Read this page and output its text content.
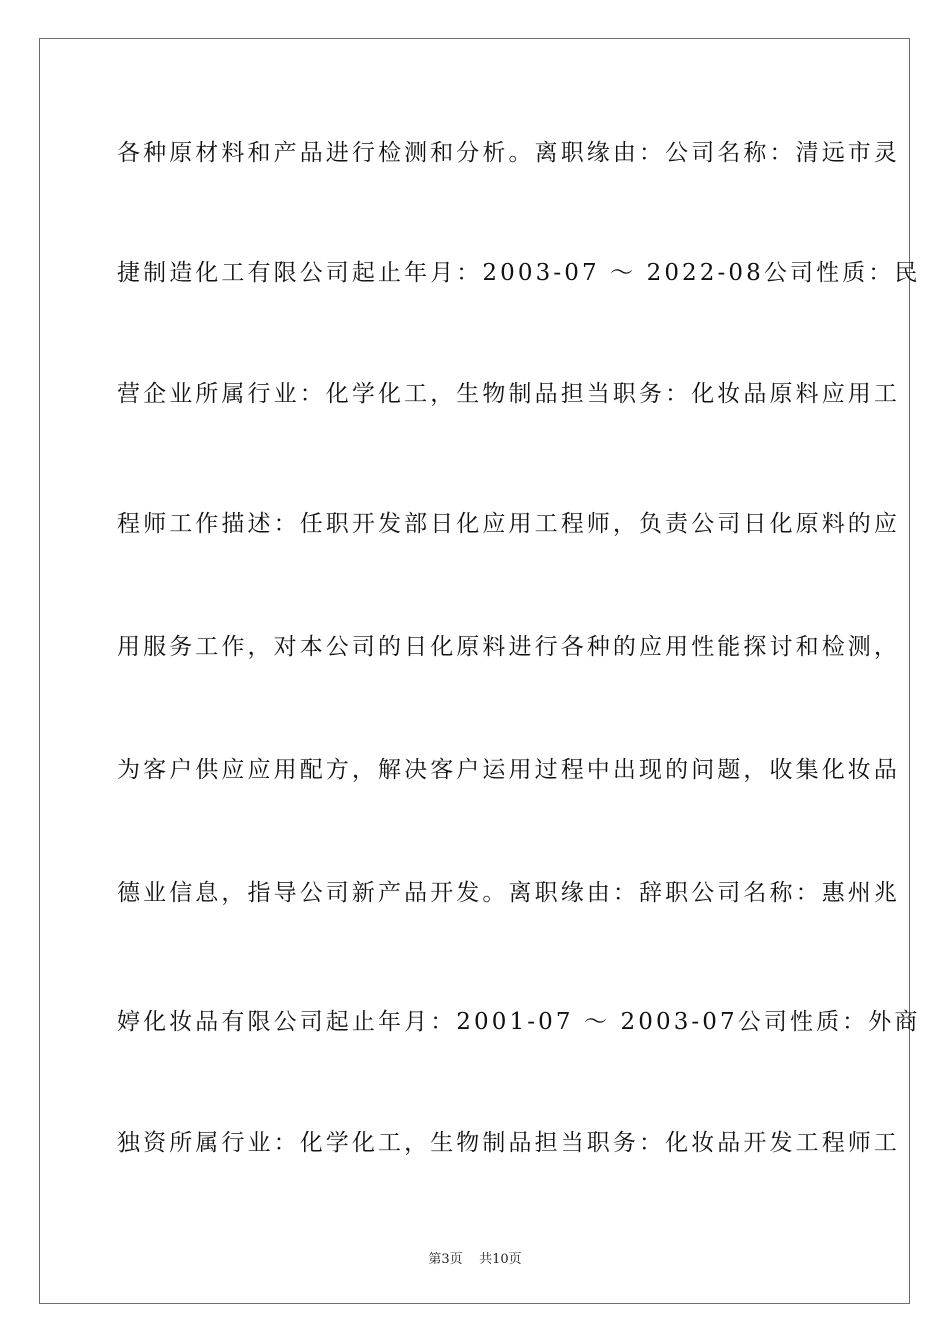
各种原材料和产品进行检测和分析。离职缘由：公司名称：清远市灵
捷制造化工有限公司起止年月：2003-07 ～ 2022-08公司性质：民
营企业所属行业：化学化工，生物制品担当职务：化妆品原料应用工
程师工作描述：任职开发部日化应用工程师，负责公司日化原料的应
用服务工作，对本公司的日化原料进行各种的应用性能探讨和检测，
为客户供应应用配方，解决客户运用过程中出现的问题，收集化妆品
德业信息，指导公司新产品开发。离职缘由：辞职公司名称：惠州兆
婷化妆品有限公司起止年月：2001-07 ～ 2003-07公司性质：外商
独资所属行业：化学化工，生物制品担当职务：化妆品开发工程师工
第3页 共10页
